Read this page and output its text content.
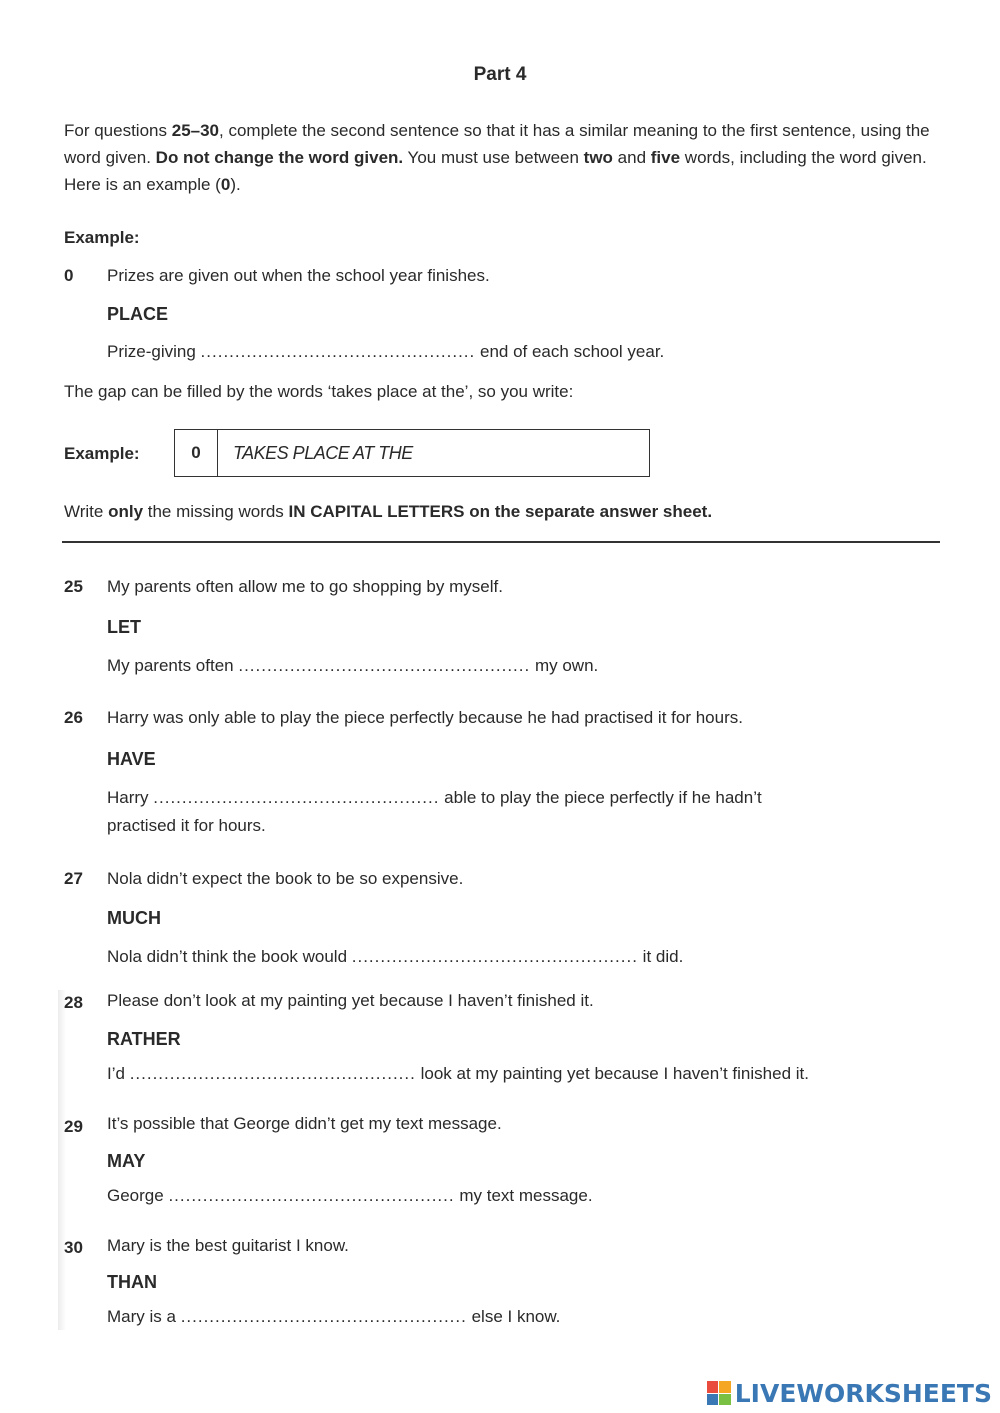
Part 4
For questions 25–30, complete the second sentence so that it has a similar meaning to the first sentence, using the word given. Do not change the word given. You must use between two and five words, including the word given. Here is an example (0).
Example:
0 Prizes are given out when the school year finishes.
PLACE
Prize-giving ................................................ end of each school year.
The gap can be filled by the words ‘takes place at the’, so you write:
Example:	0	TAKES PLACE AT THE
Write only the missing words IN CAPITAL LETTERS on the separate answer sheet.
25 My parents often allow me to go shopping by myself.
LET
My parents often ................................................... my own.
26 Harry was only able to play the piece perfectly because he had practised it for hours.
HAVE
Harry .................................................. able to play the piece perfectly if he hadn’t
practised it for hours.
27 Nola didn’t expect the book to be so expensive.
MUCH
Nola didn’t think the book would .................................................. it did.
28 Please don’t look at my painting yet because I haven’t finished it.
RATHER
I’d .................................................. look at my painting yet because I haven’t finished it.
29 It’s possible that George didn’t get my text message.
MAY
George .................................................. my text message.
30 Mary is the best guitarist I know.
THAN
Mary is a .................................................. else I know.
LIVEWORKSHEETS
